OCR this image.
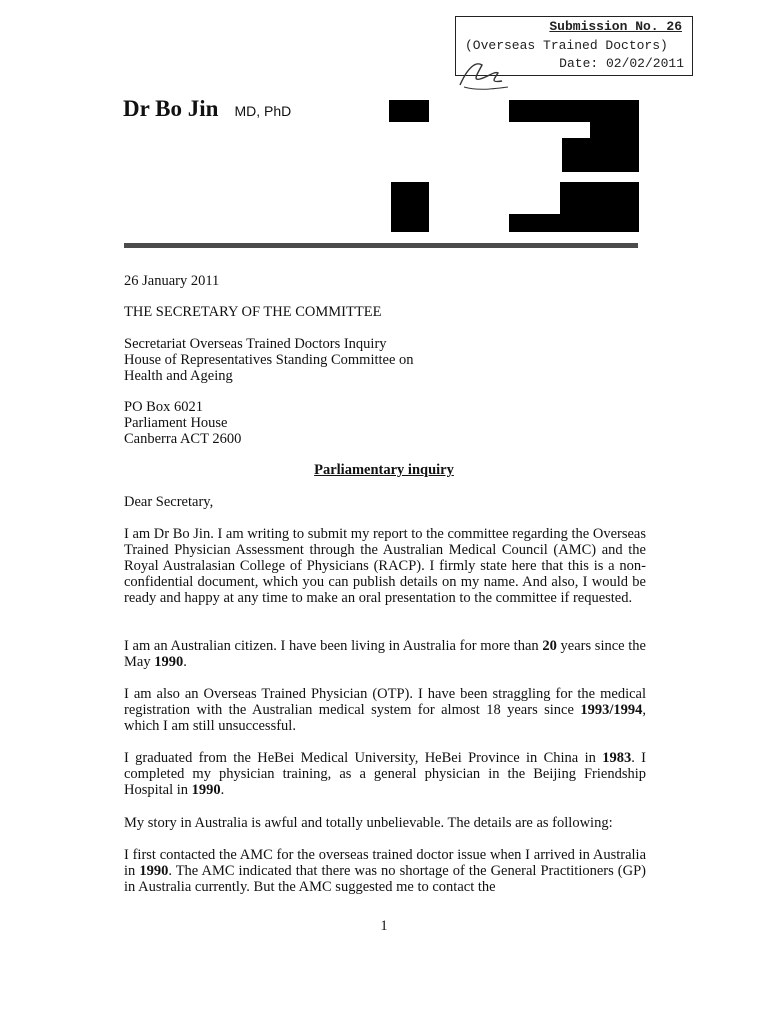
Submission No. 26
(Overseas Trained Doctors)
Date: 02/02/2011
Dr Bo Jin MD, PhD
26 January 2011
THE SECRETARY OF THE COMMITTEE
Secretariat Overseas Trained Doctors Inquiry
House of Representatives Standing Committee on
Health and Ageing
PO Box 6021
Parliament House
Canberra ACT 2600
Parliamentary inquiry
Dear Secretary,
I am Dr Bo Jin. I am writing to submit my report to the committee regarding the Overseas Trained Physician Assessment through the Australian Medical Council (AMC) and the Royal Australasian College of Physicians (RACP). I firmly state here that this is a non-confidential document, which you can publish details on my name. And also, I would be ready and happy at any time to make an oral presentation to the committee if requested.
I am an Australian citizen. I have been living in Australia for more than 20 years since the May 1990.
I am also an Overseas Trained Physician (OTP). I have been straggling for the medical registration with the Australian medical system for almost 18 years since 1993/1994, which I am still unsuccessful.
I graduated from the HeBei Medical University, HeBei Province in China in 1983. I completed my physician training, as a general physician in the Beijing Friendship Hospital in 1990.
My story in Australia is awful and totally unbelievable. The details are as following:
I first contacted the AMC for the overseas trained doctor issue when I arrived in Australia in 1990. The AMC indicated that there was no shortage of the General Practitioners (GP) in Australia currently. But the AMC suggested me to contact the
1
